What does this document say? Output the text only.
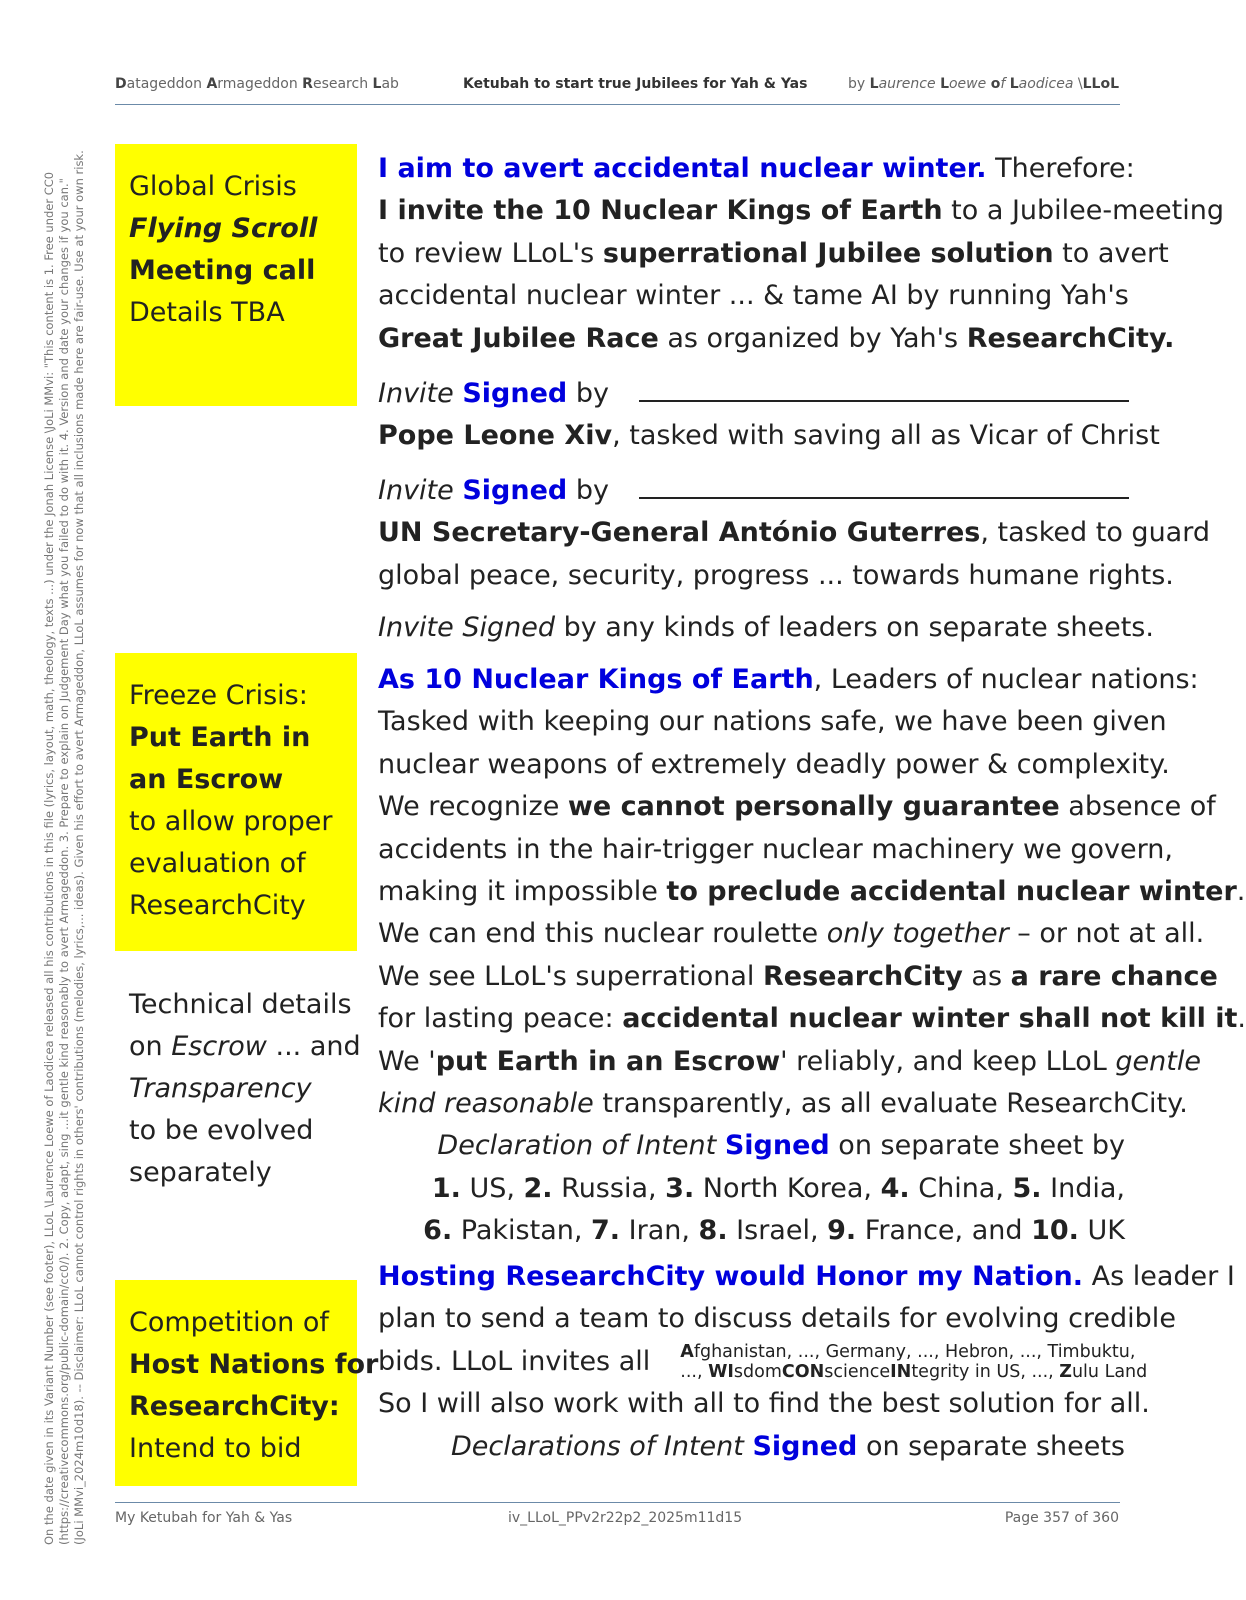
On the date given in its Variant Number (see footer), LLoL \Laurence Loewe of Laodicea released all his contributions in this file (lyrics, layout, math, theology, texts ...) under the Jonah License \JoLi MMvi: "This content is 1. Free under CC0 (https://creativecommons.org/public-domain/cc0/). 2. Copy, adapt, sing ...it gentle kind reasonably to avert Armageddon. 3. Prepare to explain on Judgement Day what you failed to do with it. 4. Version and date your changes if you can." (JoLi MMvi_2024m10d18). -- Disclaimer: LLoL cannot control rights in others' contributions (melodies, lyrics,... ideas). Given his effort to avert Armageddon, LLoL assumes for now that all inclusions made here are fair-use. Use at your own risk.
Datageddon Armageddon Research Lab	Ketubah to start true Jubilees for Yah & Yas	by Laurence Loewe of Laodicea \LLoL
Global Crisis
Flying Scroll
Meeting call
Details TBA
Freeze Crisis:
Put Earth in
an Escrow
to allow proper
evaluation of
ResearchCity
Technical details
on Escrow ... and
Transparency
to be evolved
separately
Competition of
Host Nations for
ResearchCity:
Intend to bid
I aim to avert accidental nuclear winter. Therefore:
I invite the 10 Nuclear Kings of Earth to a Jubilee-meeting
to review LLoL's superrational Jubilee solution to avert
accidental nuclear winter ... & tame AI by running Yah's
Great Jubilee Race as organized by Yah's ResearchCity.
Invite Signed by
Pope Leone Xiv, tasked with saving all as Vicar of Christ
Invite Signed by
UN Secretary-General António Guterres, tasked to guard
global peace, security, progress ... towards humane rights.
Invite Signed by any kinds of leaders on separate sheets.
As 10 Nuclear Kings of Earth, Leaders of nuclear nations:
Tasked with keeping our nations safe, we have been given
nuclear weapons of extremely deadly power & complexity.
We recognize we cannot personally guarantee absence of
accidents in the hair-trigger nuclear machinery we govern,
making it impossible to preclude accidental nuclear winter.
We can end this nuclear roulette only together – or not at all.
We see LLoL's superrational ResearchCity as a rare chance
for lasting peace: accidental nuclear winter shall not kill it.
We 'put Earth in an Escrow' reliably, and keep LLoL gentle
kind reasonable transparently, as all evaluate ResearchCity.
Declaration of Intent Signed on separate sheet by
1. US, 2. Russia, 3. North Korea, 4. China, 5. India,
6. Pakistan, 7. Iran, 8. Israel, 9. France, and 10. UK
Hosting ResearchCity would Honor my Nation. As leader I
plan to send a team to discuss details for evolving credible
bids. LLoL invites all Afghanistan, ..., Germany, ..., Hebron, ..., Timbuktu,
..., WIsdomCONscienceINtegrity in US, ..., Zulu Land
So I will also work with all to find the best solution for all.
Declarations of Intent Signed on separate sheets
My Ketubah for Yah & Yas	iv_LLoL_PPv2r22p2_2025m11d15	Page 357 of 360
